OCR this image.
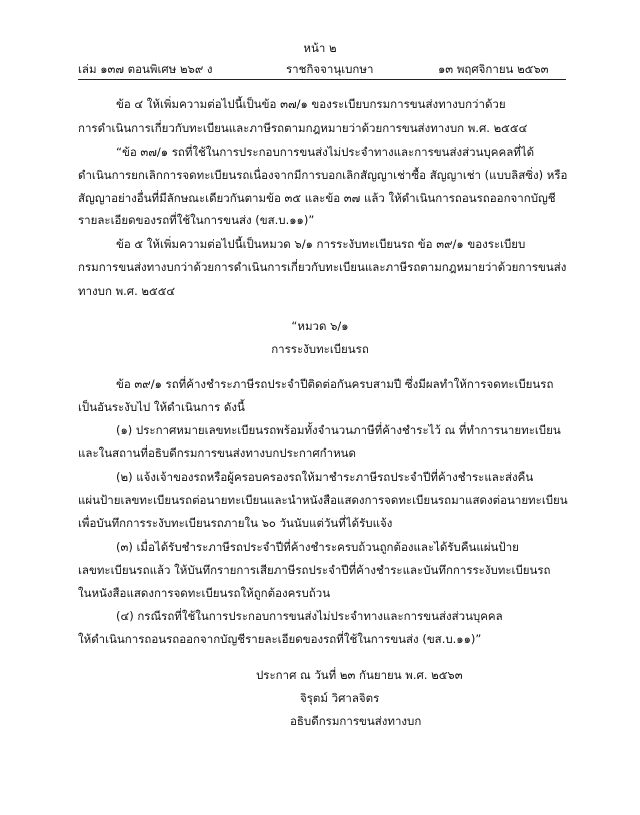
หน้า ๒
เล่ม ๑๓๗ ตอนพิเศษ ๒๖๙ ง	ราชกิจจานุเบกษา	๑๓ พฤศจิกายน ๒๕๖๓
ข้อ ๔ ให้เพิ่มความต่อไปนี้เป็นข้อ ๓๗/๑ ของระเบียบกรมการขนส่งทางบกว่าด้วย
การดำเนินการเกี่ยวกับทะเบียนและภาษีรถตามกฎหมายว่าด้วยการขนส่งทางบก พ.ศ. ๒๕๕๔
“ข้อ ๓๗/๑ รถที่ใช้ในการประกอบการขนส่งไม่ประจำทางและการขนส่งส่วนบุคคลที่ได้
ดำเนินการยกเลิกการจดทะเบียนรถเนื่องจากมีการบอกเลิกสัญญาเช่าซื้อ สัญญาเช่า (แบบลิสซิ่ง) หรือ
สัญญาอย่างอื่นที่มีลักษณะเดียวกันตามข้อ ๓๕ และข้อ ๓๗ แล้ว ให้ดำเนินการถอนรถออกจากบัญชี
รายละเอียดของรถที่ใช้ในการขนส่ง (ขส.บ.๑๑)”
ข้อ ๕ ให้เพิ่มความต่อไปนี้เป็นหมวด ๖/๑ การระงับทะเบียนรถ ข้อ ๓๙/๑ ของระเบียบ
กรมการขนส่งทางบกว่าด้วยการดำเนินการเกี่ยวกับทะเบียนและภาษีรถตามกฎหมายว่าด้วยการขนส่ง
ทางบก พ.ศ. ๒๕๕๔
“หมวด ๖/๑
การระงับทะเบียนรถ
ข้อ ๓๙/๑ รถที่ค้างชำระภาษีรถประจำปีติดต่อกันครบสามปี ซึ่งมีผลทำให้การจดทะเบียนรถ
เป็นอันระงับไป ให้ดำเนินการ ดังนี้
(๑) ประกาศหมายเลขทะเบียนรถพร้อมทั้งจำนวนภาษีที่ค้างชำระไว้ ณ ที่ทำการนายทะเบียน
และในสถานที่อธิบดีกรมการขนส่งทางบกประกาศกำหนด
(๒) แจ้งเจ้าของรถหรือผู้ครอบครองรถให้มาชำระภาษีรถประจำปีที่ค้างชำระและส่งคืน
แผ่นป้ายเลขทะเบียนรถต่อนายทะเบียนและนำหนังสือแสดงการจดทะเบียนรถมาแสดงต่อนายทะเบียน
เพื่อบันทึกการระงับทะเบียนรถภายใน ๖๐ วันนับแต่วันที่ได้รับแจ้ง
(๓) เมื่อได้รับชำระภาษีรถประจำปีที่ค้างชำระครบถ้วนถูกต้องและได้รับคืนแผ่นป้าย
เลขทะเบียนรถแล้ว ให้บันทึกรายการเสียภาษีรถประจำปีที่ค้างชำระและบันทึกการระงับทะเบียนรถ
ในหนังสือแสดงการจดทะเบียนรถให้ถูกต้องครบถ้วน
(๔) กรณีรถที่ใช้ในการประกอบการขนส่งไม่ประจำทางและการขนส่งส่วนบุคคล
ให้ดำเนินการถอนรถออกจากบัญชีรายละเอียดของรถที่ใช้ในการขนส่ง (ขส.บ.๑๑)”
ประกาศ ณ วันที่ ๒๓ กันยายน พ.ศ. ๒๕๖๓
จิรุตม์ วิศาลจิตร
อธิบดีกรมการขนส่งทางบก
